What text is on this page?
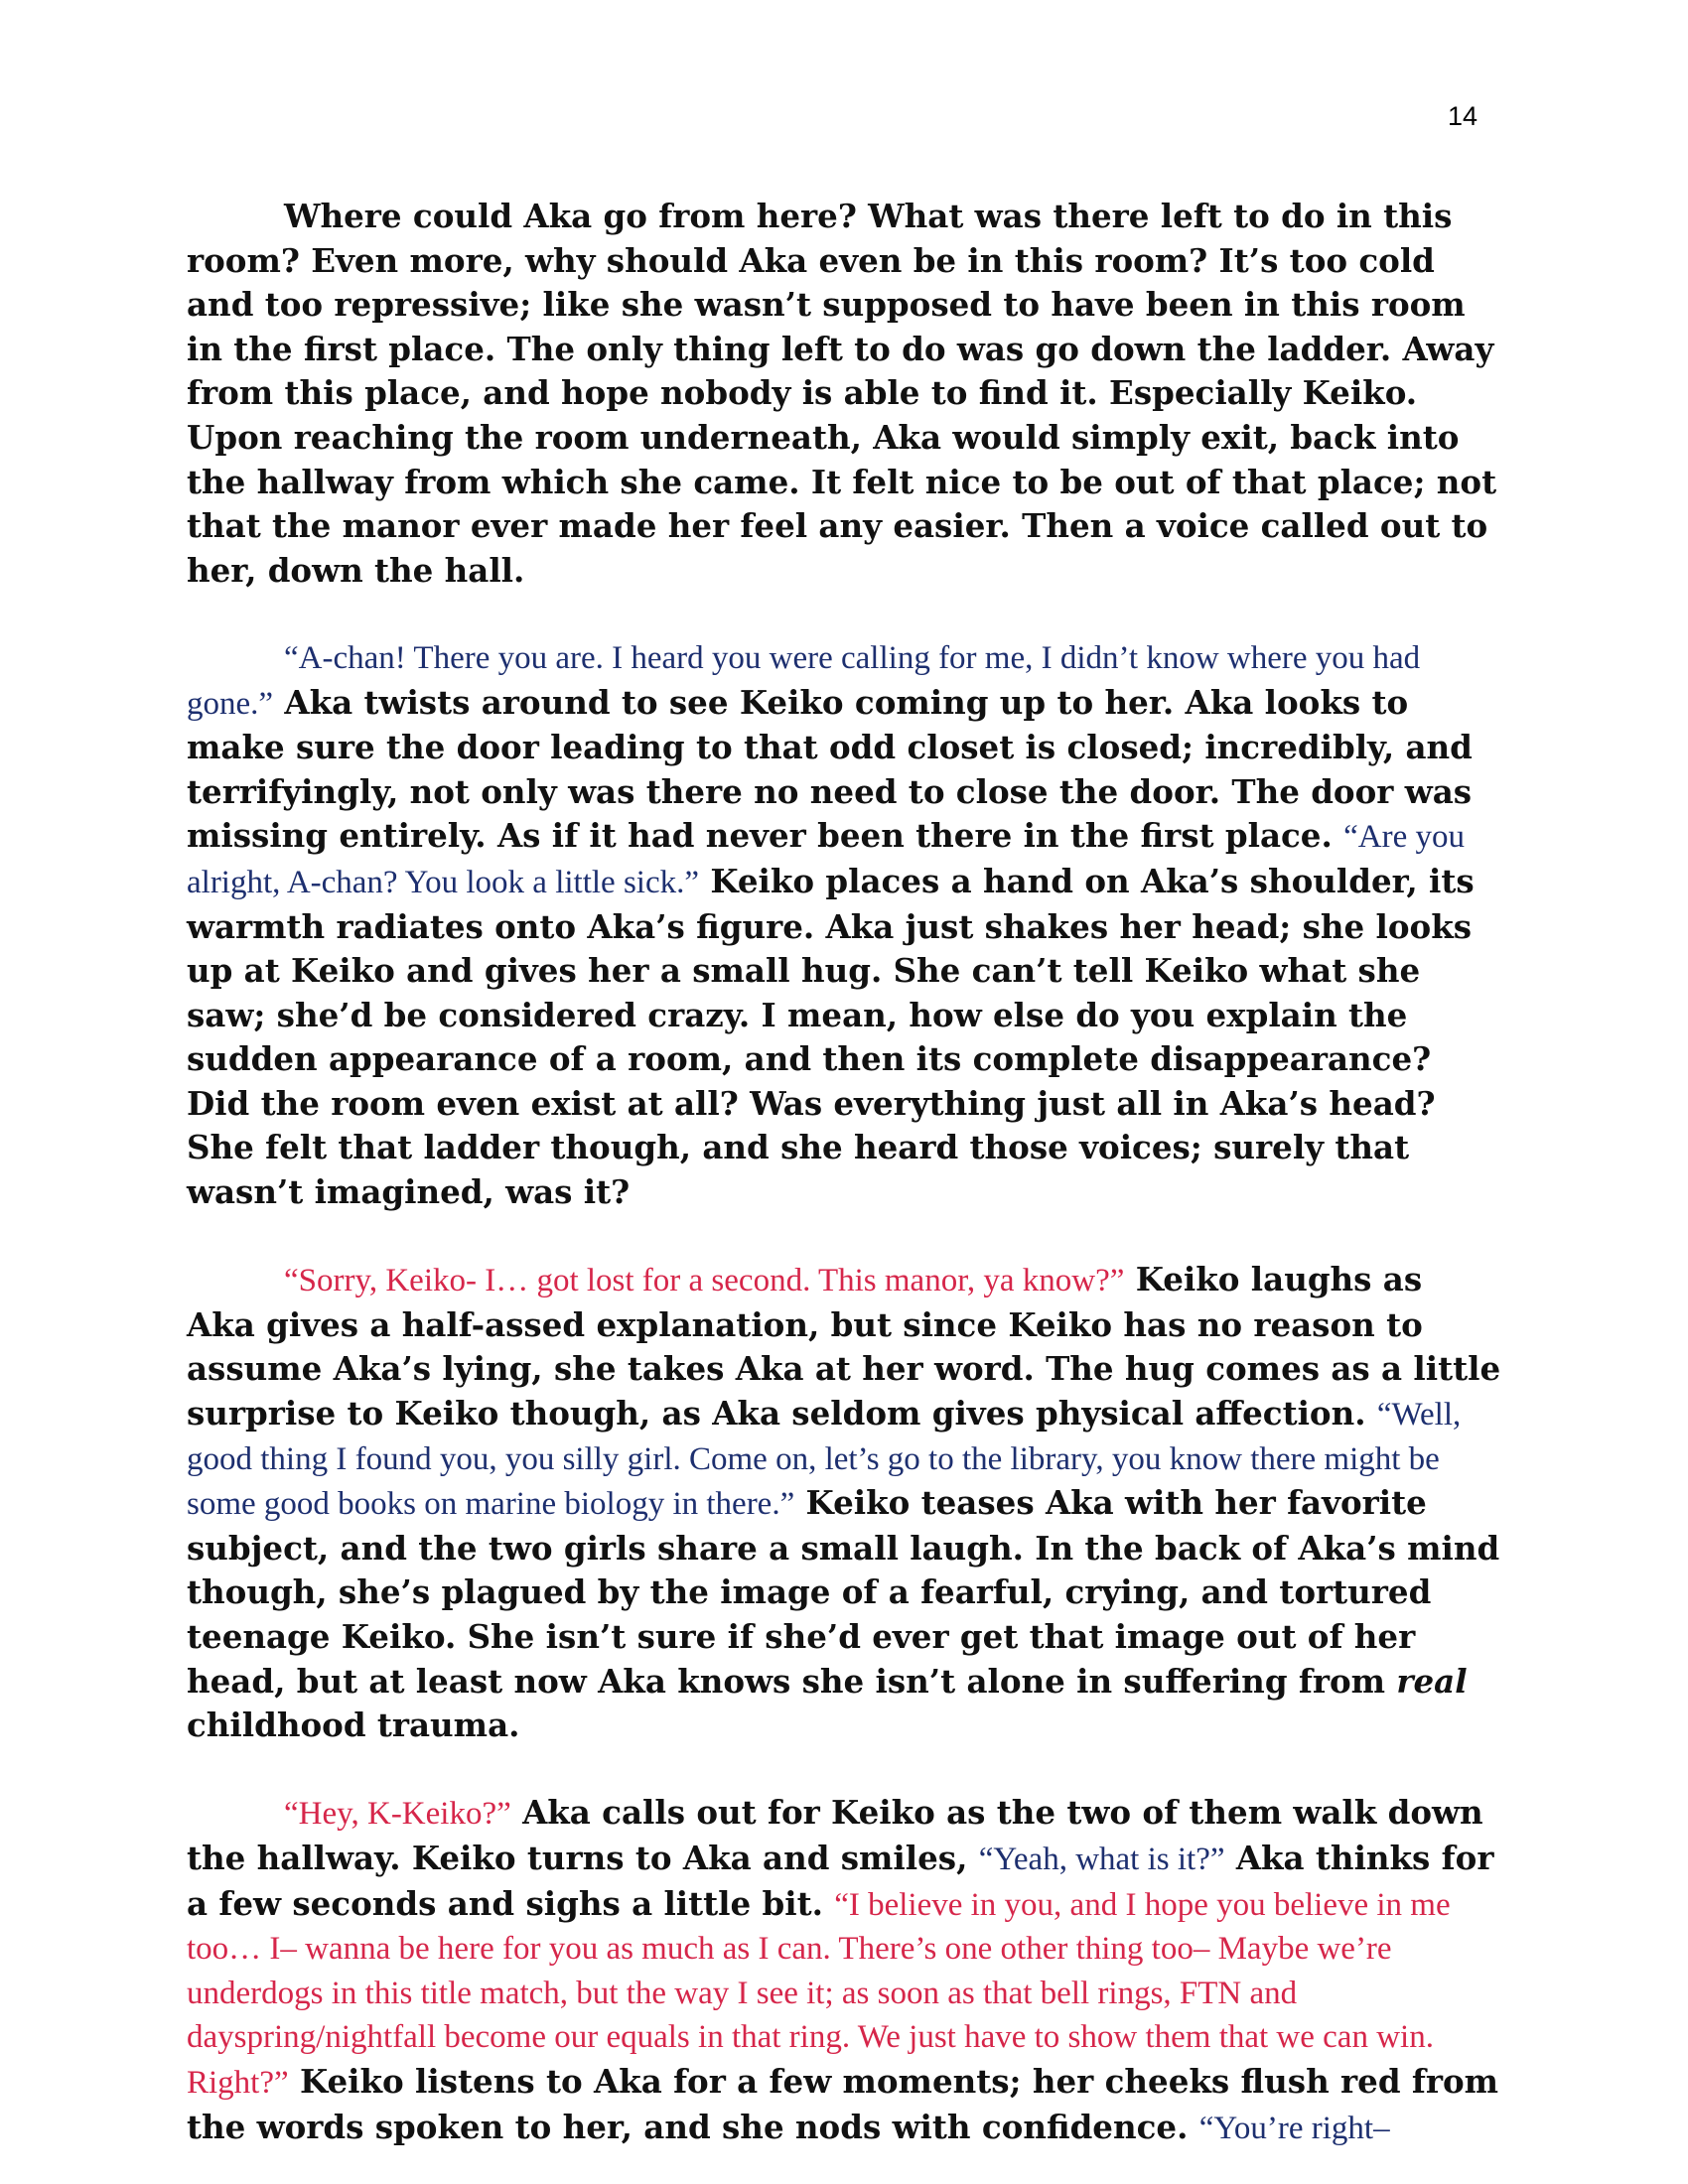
14

Where could Aka go from here? What was there left to do in this room? Even more, why should Aka even be in this room? It’s too cold and too repressive; like she wasn’t supposed to have been in this room in the first place. The only thing left to do was go down the ladder. Away from this place, and hope nobody is able to find it. Especially Keiko. Upon reaching the room underneath, Aka would simply exit, back into the hallway from which she came. It felt nice to be out of that place; not that the manor ever made her feel any easier. Then a voice called out to her, down the hall.

“A-chan! There you are. I heard you were calling for me, I didn’t know where you had gone.” Aka twists around to see Keiko coming up to her. Aka looks to make sure the door leading to that odd closet is closed; incredibly, and terrifyingly, not only was there no need to close the door. The door was missing entirely. As if it had never been there in the first place. “Are you alright, A-chan? You look a little sick.” Keiko places a hand on Aka’s shoulder, its warmth radiates onto Aka’s figure. Aka just shakes her head; she looks up at Keiko and gives her a small hug. She can’t tell Keiko what she saw; she’d be considered crazy. I mean, how else do you explain the sudden appearance of a room, and then its complete disappearance? Did the room even exist at all? Was everything just all in Aka’s head? She felt that ladder though, and she heard those voices; surely that wasn’t imagined, was it?

“Sorry, Keiko- I… got lost for a second. This manor, ya know?” Keiko laughs as Aka gives a half-assed explanation, but since Keiko has no reason to assume Aka’s lying, she takes Aka at her word. The hug comes as a little surprise to Keiko though, as Aka seldom gives physical affection. “Well, good thing I found you, you silly girl. Come on, let’s go to the library, you know there might be some good books on marine biology in there.” Keiko teases Aka with her favorite subject, and the two girls share a small laugh. In the back of Aka’s mind though, she’s plagued by the image of a fearful, crying, and tortured teenage Keiko. She isn’t sure if she’d ever get that image out of her head, but at least now Aka knows she isn’t alone in suffering from real childhood trauma.

“Hey, K-Keiko?” Aka calls out for Keiko as the two of them walk down the hallway. Keiko turns to Aka and smiles, “Yeah, what is it?” Aka thinks for a few seconds and sighs a little bit. “I believe in you, and I hope you believe in me too… I– wanna be here for you as much as I can. There’s one other thing too– Maybe we’re underdogs in this title match, but the way I see it; as soon as that bell rings, FTN and dayspring/nightfall become our equals in that ring. We just have to show them that we can win. Right?” Keiko listens to Aka for a few moments; her cheeks flush red from the words spoken to her, and she nods with confidence. “You’re right–
